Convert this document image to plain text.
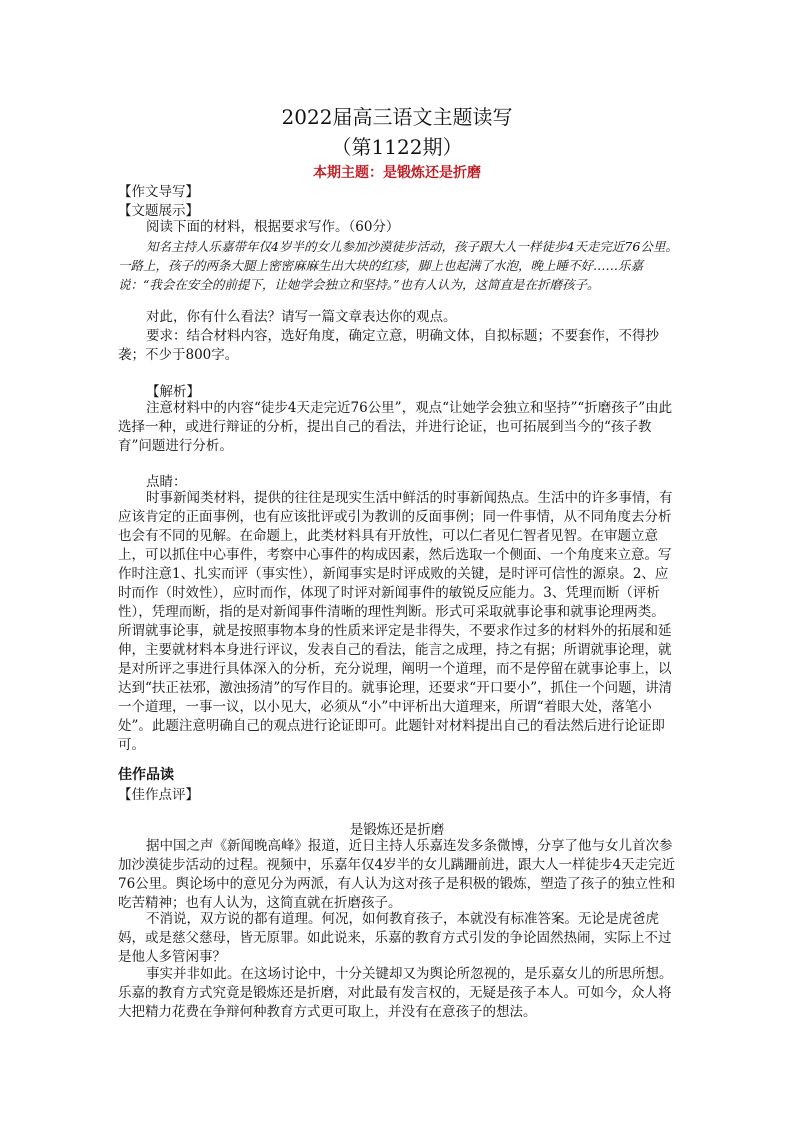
2022届高三语文主题读写
（第1122期）
本期主题：是锻炼还是折磨
【作文导写】
【文题展示】

阅读下面的材料，根据要求写作。（60分）

知名主持人乐嘉带年仅4岁半的女儿参加沙漠徒步活动，孩子跟大人一样徒步4天走完近76公里。一路上，孩子的两条大腿上密密麻麻生出大块的红疹，脚上也起满了水泡，晚上睡不好……乐嘉说：“我会在安全的前提下，让她学会独立和坚持。”也有人认为，这简直是在折磨孩子。

对此，你有什么看法？请写一篇文章表达你的观点。

要求：结合材料内容，选好角度，确定立意，明确文体，自拟标题；不要套作，不得抄袭；不少于800字。

【解析】

注意材料中的内容“徒步4天走完近76公里”，观点“让她学会独立和坚持”“折磨孩子”由此选择一种，或进行辩证的分析，提出自己的看法，并进行论证，也可拓展到当今的“孩子教育”问题进行分析。

点睛：

时事新闻类材料，提供的往往是现实生活中鲜活的时事新闻热点。生活中的许多事情，有应该肯定的正面事例，也有应该批评或引为教训的反面事例；同一件事情，从不同角度去分析也会有不同的见解。在命题上，此类材料具有开放性，可以仁者见仁智者见智。在审题立意上，可以抓住中心事件，考察中心事件的构成因素，然后选取一个侧面、一个角度来立意。写作时注意1、扎实而评（事实性），新闻事实是时评成败的关键，是时评可信性的源泉。2、应时而作（时效性），应时而作，体现了时评对新闻事件的敏锐反应能力。3、凭理而断（评析性），凭理而断，指的是对新闻事件清晰的理性判断。形式可采取就事论事和就事论理两类。所谓就事论事，就是按照事物本身的性质来评定是非得失，不要求作过多的材料外的拓展和延伸，主要就材料本身进行评议，发表自己的看法，能言之成理，持之有据；所谓就事论理，就是对所评之事进行具体深入的分析，充分说理，阐明一个道理，而不是停留在就事论事上，以达到“扶正祛邪，激浊扬清”的写作目的。就事论理，还要求“开口要小”，抓住一个问题，讲清一个道理，一事一议，以小见大，必须从“小”中评析出大道理来，所谓“着眼大处，落笔小处”。此题注意明确自己的观点进行论证即可。此题针对材料提出自己的看法然后进行论证即可。

佳作品读
【佳作点评】
是锻炼还是折磨

据中国之声《新闻晚高峰》报道，近日主持人乐嘉连发多条微博，分享了他与女儿首次参加沙漠徒步活动的过程。视频中，乐嘉年仅4岁半的女儿蹒跚前进，跟大人一样徒步4天走完近76公里。舆论场中的意见分为两派，有人认为这对孩子是积极的锻炼，塑造了孩子的独立性和吃苦精神；也有人认为，这简直就在折磨孩子。

不消说，双方说的都有道理。何况，如何教育孩子，本就没有标准答案。无论是虎爸虎妈，或是慈父慈母，皆无原罪。如此说来，乐嘉的教育方式引发的争论固然热闹，实际上不过是他人多管闲事？

事实并非如此。在这场讨论中，十分关键却又为舆论所忽视的，是乐嘉女儿的所思所想。乐嘉的教育方式究竟是锻炼还是折磨，对此最有发言权的，无疑是孩子本人。可如今，众人将大把精力花费在争辩何种教育方式更可取上，并没有在意孩子的想法。
